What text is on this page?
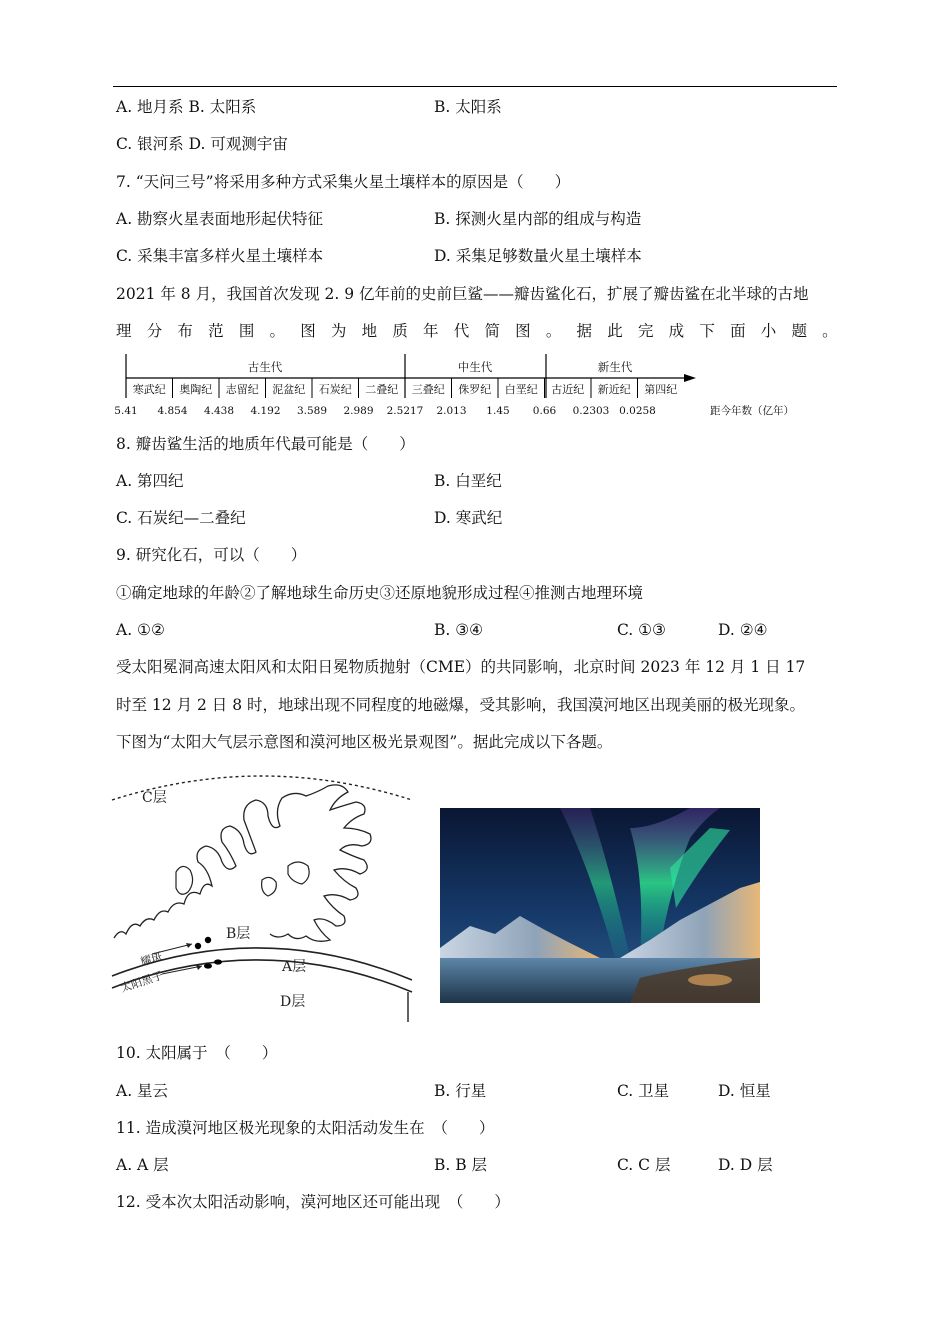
A. 地月系 B. 太阳系	B. 太阳系
C. 银河系 D. 可观测宇宙
7. “天问三号”将采用多种方式采集火星土壤样本的原因是（　　）
A. 勘察火星表面地形起伏特征	B. 探测火星内部的组成与构造
C. 采集丰富多样火星土壤样本	D. 采集足够数量火星土壤样本
2021 年 8 月，我国首次发现 2. 9 亿年前的史前巨鲨——瓣齿鲨化石，扩展了瓣齿鲨在北半球的古地
理 分 布 范 围 。 图 为 地 质 年 代 简 图 。 据 此 完 成 下 面 小 题 。
古生代	中生代	新生代
寒武纪 奥陶纪 志留纪 泥盆纪 石炭纪 二叠纪 三叠纪 侏罗纪 白垩纪 古近纪 新近纪 第四纪
5.41 4.854 4.438 4.192 3.589 2.989 2.5217 2.013 1.45 0.66 0.2303 0.0258	距今年数（亿年）
8. 瓣齿鲨生活的地质年代最可能是（　　）
A. 第四纪	B. 白垩纪
C. 石炭纪—二叠纪	D. 寒武纪
9. 研究化石，可以（　　）
①确定地球的年龄②了解地球生命历史③还原地貌形成过程④推测古地理环境
A. ①②	B. ③④	C. ①③	D. ②④
受太阳冕洞高速太阳风和太阳日冕物质抛射（CME）的共同影响，北京时间 2023 年 12 月 1 日 17
时至 12 月 2 日 8 时，地球出现不同程度的地磁爆，受其影响，我国漠河地区出现美丽的极光现象。
下图为“太阳大气层示意图和漠河地区极光景观图”。据此完成以下各题。
C层
B层
A层
D层
耀斑
太阳黑子
10. 太阳属于　（　　）
A. 星云	B. 行星	C. 卫星	D. 恒星
11. 造成漠河地区极光现象的太阳活动发生在　（　　）
A. A 层	B. B 层	C. C 层	D. D 层
12. 受本次太阳活动影响，漠河地区还可能出现　（　　）
